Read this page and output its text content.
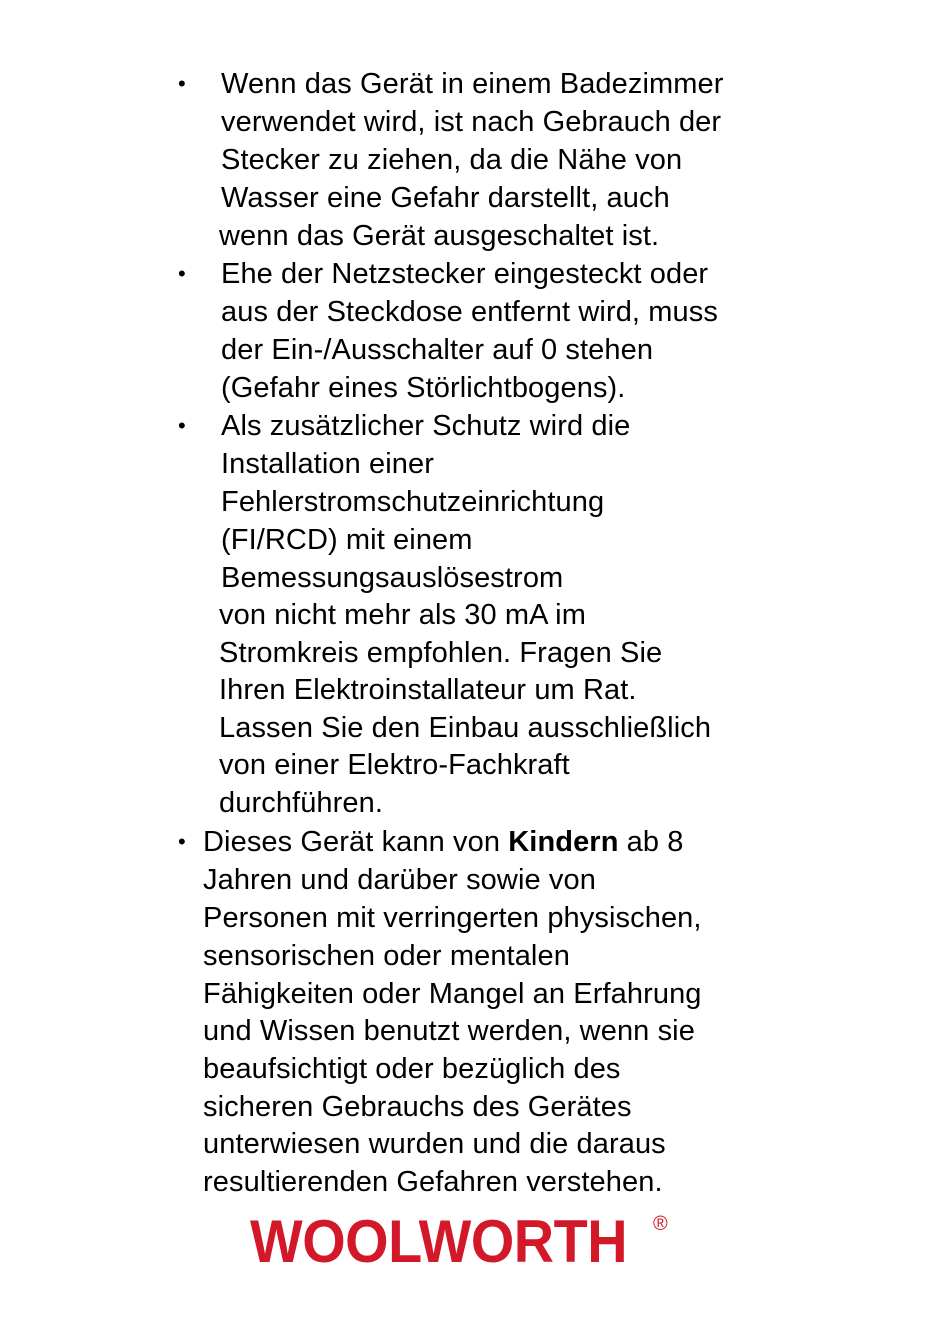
• Wenn das Gerät in einem Badezimmer
verwendet wird, ist nach Gebrauch der
Stecker zu ziehen, da die Nähe von
Wasser eine Gefahr darstellt, auch
wenn das Gerät ausgeschaltet ist.
• Ehe der Netzstecker eingesteckt oder
aus der Steckdose entfernt wird, muss
der Ein-/Ausschalter auf 0 stehen
(Gefahr eines Störlichtbogens).
• Als zusätzlicher Schutz wird die
Installation einer
Fehlerstromschutzeinrichtung
(FI/RCD) mit einem
Bemessungsauslösestrom
von nicht mehr als 30 mA im
Stromkreis empfohlen. Fragen Sie
Ihren Elektroinstallateur um Rat.
Lassen Sie den Einbau ausschließlich
von einer Elektro-Fachkraft
durchführen.
• Dieses Gerät kann von Kindern ab 8
Jahren und darüber sowie von
Personen mit verringerten physischen,
sensorischen oder mentalen
Fähigkeiten oder Mangel an Erfahrung
und Wissen benutzt werden, wenn sie
beaufsichtigt oder bezüglich des
sicheren Gebrauchs des Gerätes
unterwiesen wurden und die daraus
resultierenden Gefahren verstehen.
WOOLWORTH ®
